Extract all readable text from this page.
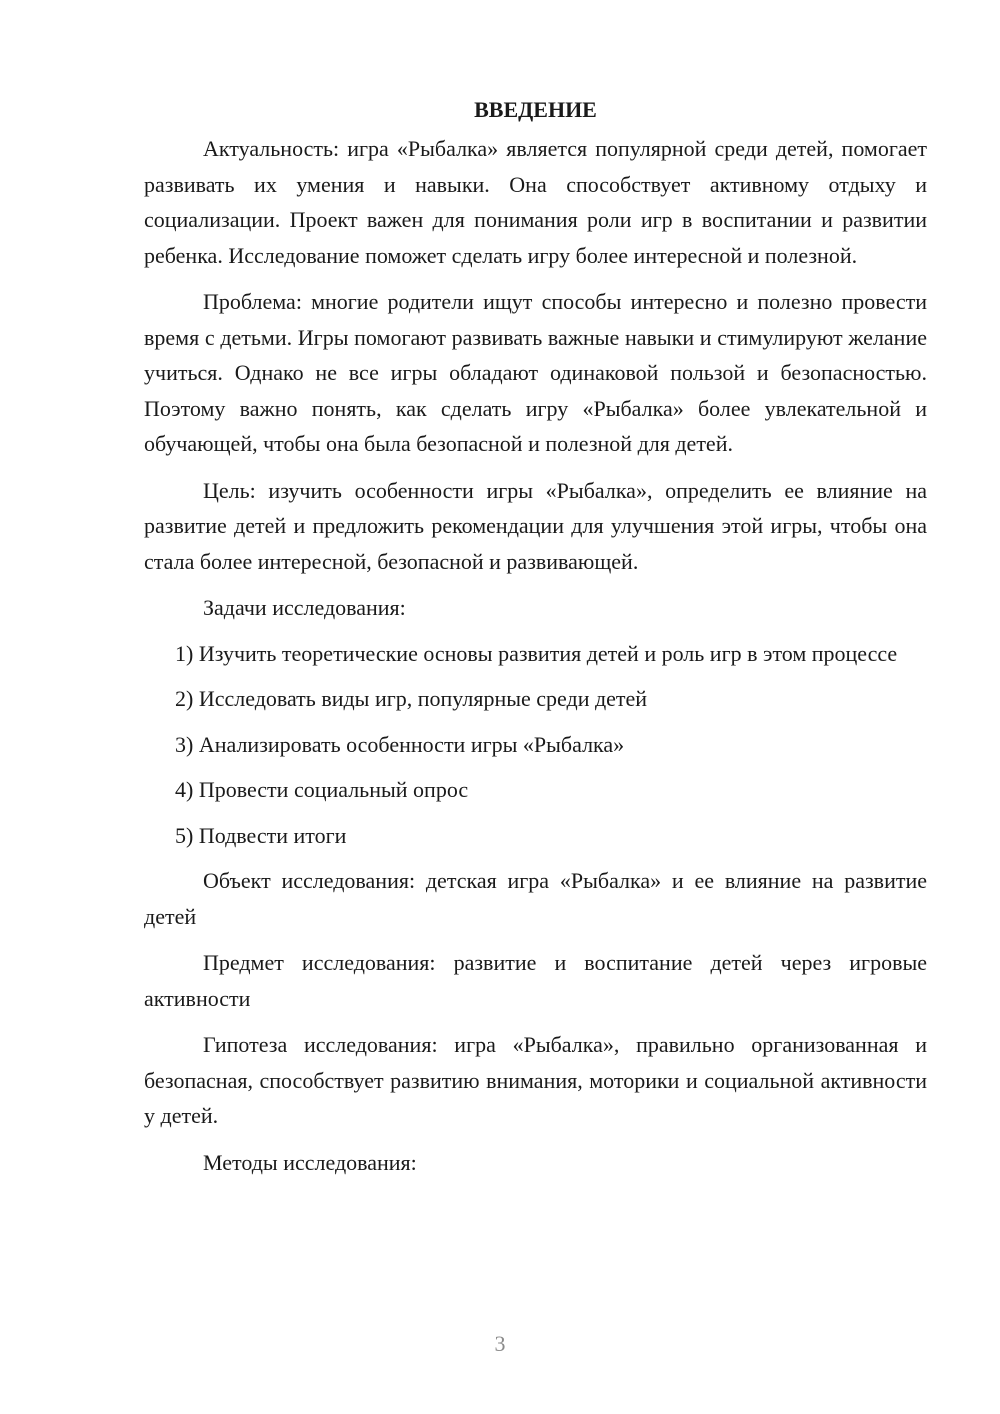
ВВЕДЕНИЕ

Актуальность: игра «Рыбалка» является популярной среди детей, помогает развивать их умения и навыки. Она способствует активному отдыху и социализации. Проект важен для понимания роли игр в воспитании и развитии ребенка. Исследование поможет сделать игру более интересной и полезной.

Проблема: многие родители ищут способы интересно и полезно провести время с детьми. Игры помогают развивать важные навыки и стимулируют желание учиться. Однако не все игры обладают одинаковой пользой и безопасностью. Поэтому важно понять, как сделать игру «Рыбалка» более увлекательной и обучающей, чтобы она была безопасной и полезной для детей.

Цель: изучить особенности игры «Рыбалка», определить ее влияние на развитие детей и предложить рекомендации для улучшения этой игры, чтобы она стала более интересной, безопасной и развивающей.

Задачи исследования:

1) Изучить теоретические основы развития детей и роль игр в этом процессе

2) Исследовать виды игр, популярные среди детей

3) Анализировать особенности игры «Рыбалка»

4) Провести социальный опрос

5) Подвести итоги

Объект исследования: детская игра «Рыбалка» и ее влияние на развитие детей

Предмет исследования: развитие и воспитание детей через игровые активности

Гипотеза исследования: игра «Рыбалка», правильно организованная и безопасная, способствует развитию внимания, моторики и социальной активности у детей.

Методы исследования:

3
